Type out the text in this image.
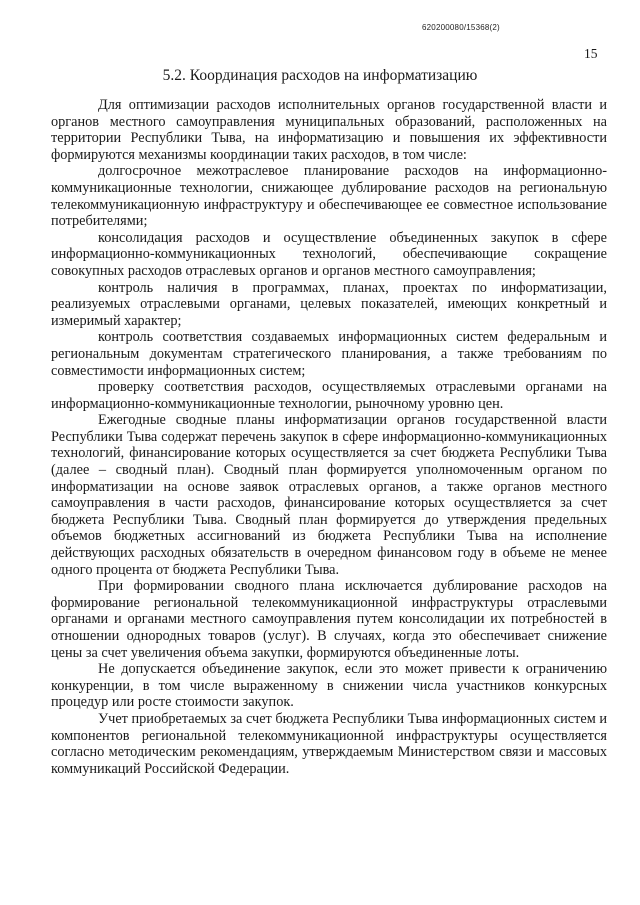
620200080/15368(2)
15
5.2. Координация расходов на информатизацию

Для оптимизации расходов исполнительных органов государственной власти и органов местного самоуправления муниципальных образований, расположенных на территории Республики Тыва, на информатизацию и повышения их эффективности формируются механизмы координации таких расходов, в том числе:

долгосрочное межотраслевое планирование расходов на информационно-коммуникационные технологии, снижающее дублирование расходов на региональную телекоммуникационную инфраструктуру и обеспечивающее ее совместное использование потребителями;

консолидация расходов и осуществление объединенных закупок в сфере информационно-коммуникационных технологий, обеспечивающие сокращение совокупных расходов отраслевых органов и органов местного самоуправления;

контроль наличия в программах, планах, проектах по информатизации, реализуемых отраслевыми органами, целевых показателей, имеющих конкретный и измеримый характер;

контроль соответствия создаваемых информационных систем федеральным и региональным документам стратегического планирования, а также требованиям по совместимости информационных систем;

проверку соответствия расходов, осуществляемых отраслевыми органами на информационно-коммуникационные технологии, рыночному уровню цен.

Ежегодные сводные планы информатизации органов государственной власти Республики Тыва содержат перечень закупок в сфере информационно-коммуникационных технологий, финансирование которых осуществляется за счет бюджета Республики Тыва (далее – сводный план). Сводный план формируется уполномоченным органом по информатизации на основе заявок отраслевых органов, а также органов местного самоуправления в части расходов, финансирование которых осуществляется за счет бюджета Республики Тыва. Сводный план формируется до утверждения предельных объемов бюджетных ассигнований из бюджета Республики Тыва на исполнение действующих расходных обязательств в очередном финансовом году в объеме не менее одного процента от бюджета Республики Тыва.

При формировании сводного плана исключается дублирование расходов на формирование региональной телекоммуникационной инфраструктуры отраслевыми органами и органами местного самоуправления путем консолидации их потребностей в отношении однородных товаров (услуг). В случаях, когда это обеспечивает снижение цены за счет увеличения объема закупки, формируются объединенные лоты.

Не допускается объединение закупок, если это может привести к ограничению конкуренции, в том числе выраженному в снижении числа участников конкурсных процедур или росте стоимости закупок.

Учет приобретаемых за счет бюджета Республики Тыва информационных систем и компонентов региональной телекоммуникационной инфраструктуры осуществляется согласно методическим рекомендациям, утверждаемым Министерством связи и массовых коммуникаций Российской Федерации.
